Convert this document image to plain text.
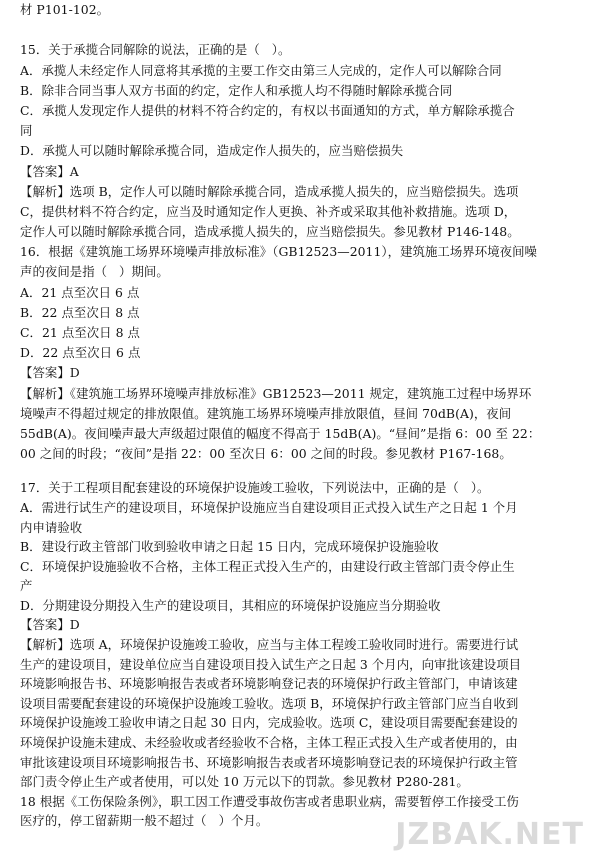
材 P101-102。
15．关于承揽合同解除的说法，正确的是（   ）。
A．承揽人未经定作人同意将其承揽的主要工作交由第三人完成的，定作人可以解除合同
B．除非合同当事人双方书面的约定，定作人和承揽人均不得随时解除承揽合同
C．承揽人发现定作人提供的材料不符合约定的，有权以书面通知的方式，单方解除承揽合
同
D．承揽人可以随时解除承揽合同，造成定作人损失的，应当赔偿损失
【答案】A
【解析】选项 B，定作人可以随时解除承揽合同，造成承揽人损失的，应当赔偿损失。选项
C，提供材料不符合约定，应当及时通知定作人更换、补齐或采取其他补救措施。选项 D，
定作人可以随时解除承揽合同，造成承揽人损失的，应当赔偿损失。参见教材 P146-148。
16．根据《建筑施工场界环境噪声排放标准》（GB12523—2011），建筑施工场界环境夜间噪
声的夜间是指（   ）期间。
A．21 点至次日 6 点
B．22 点至次日 8 点
C．21 点至次日 8 点
D．22 点至次日 6 点
【答案】D
【解析】《建筑施工场界环境噪声排放标准》GB12523—2011 规定，建筑施工过程中场界环
境噪声不得超过规定的排放限值。建筑施工场界环境噪声排放限值，昼间 70dB(A)，夜间
55dB(A)。夜间噪声最大声级超过限值的幅度不得高于 15dB(A)。“昼间”是指 6：00 至 22：
00 之间的时段；“夜间”是指 22：00 至次日 6：00 之间的时段。参见教材 P167-168。
17．关于工程项目配套建设的环境保护设施竣工验收，下列说法中，正确的是（   ）。
A．需进行试生产的建设项目，环境保护设施应当自建设项目正式投入试生产之日起 1 个月
内申请验收
B．建设行政主管部门收到验收申请之日起 15 日内，完成环境保护设施验收
C．环境保护设施验收不合格，主体工程正式投入生产的，由建设行政主管部门责令停止生
产
D．分期建设分期投入生产的建设项目，其相应的环境保护设施应当分期验收
【答案】D
【解析】选项 A，环境保护设施竣工验收，应当与主体工程竣工验收同时进行。需要进行试
生产的建设项目，建设单位应当自建设项目投入试生产之日起 3 个月内，向审批该建设项目
环境影响报告书、环境影响报告表或者环境影响登记表的环境保护行政主管部门，申请该建
设项目需要配套建设的环境保护设施竣工验收。选项 B，环境保护行政主管部门应当自收到
环境保护设施竣工验收申请之日起 30 日内，完成验收。选项 C，建设项目需要配套建设的
环境保护设施未建成、未经验收或者经验收不合格，主体工程正式投入生产或者使用的，由
审批该建设项目环境影响报告书、环境影响报告表或者环境影响登记表的环境保护行政主管
部门责令停止生产或者使用，可以处 10 万元以下的罚款。参见教材 P280-281。
18 根据《工伤保险条例》，职工因工作遭受事故伤害或者患职业病，需要暂停工作接受工伤
医疗的，停工留薪期一般不超过（   ）个月。	JZBAK.NET
